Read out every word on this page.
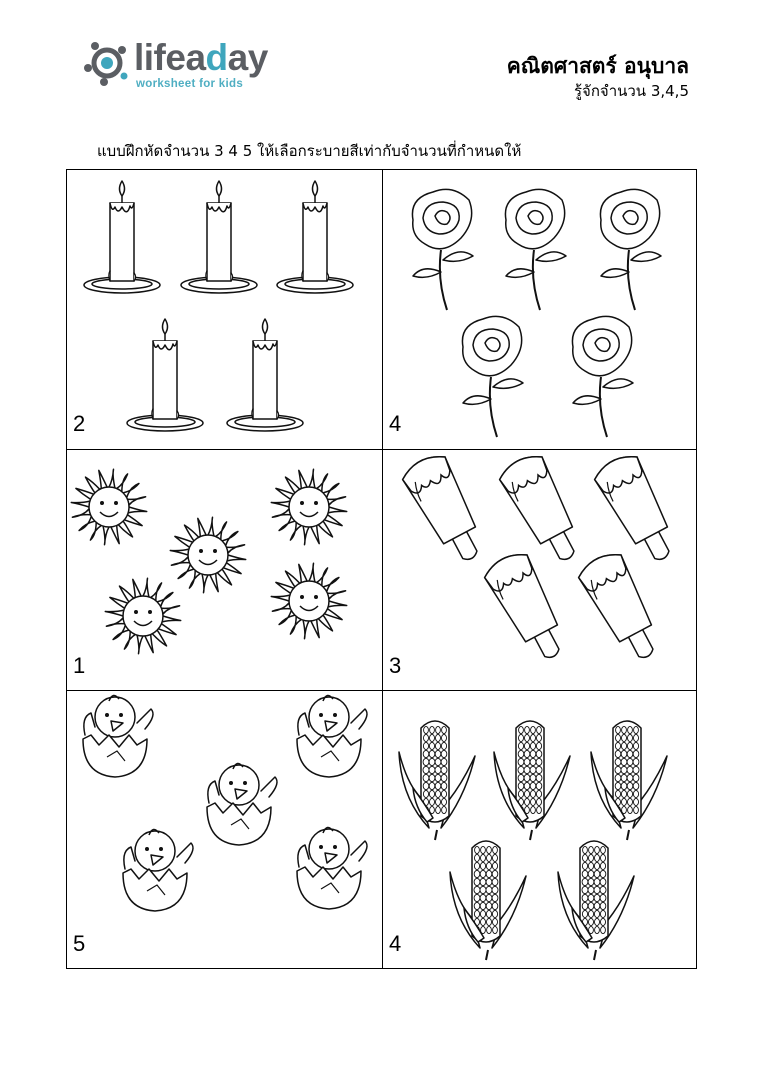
lifeaday
worksheet for kids
คณิตศาสตร์ อนุบาล
รู้จักจำนวน 3,4,5
แบบฝึกหัดจำนวน 3 4 5 ให้เลือกระบายสีเท่ากับจำนวนที่กำหนดให้
2	4
1	3
5	4
